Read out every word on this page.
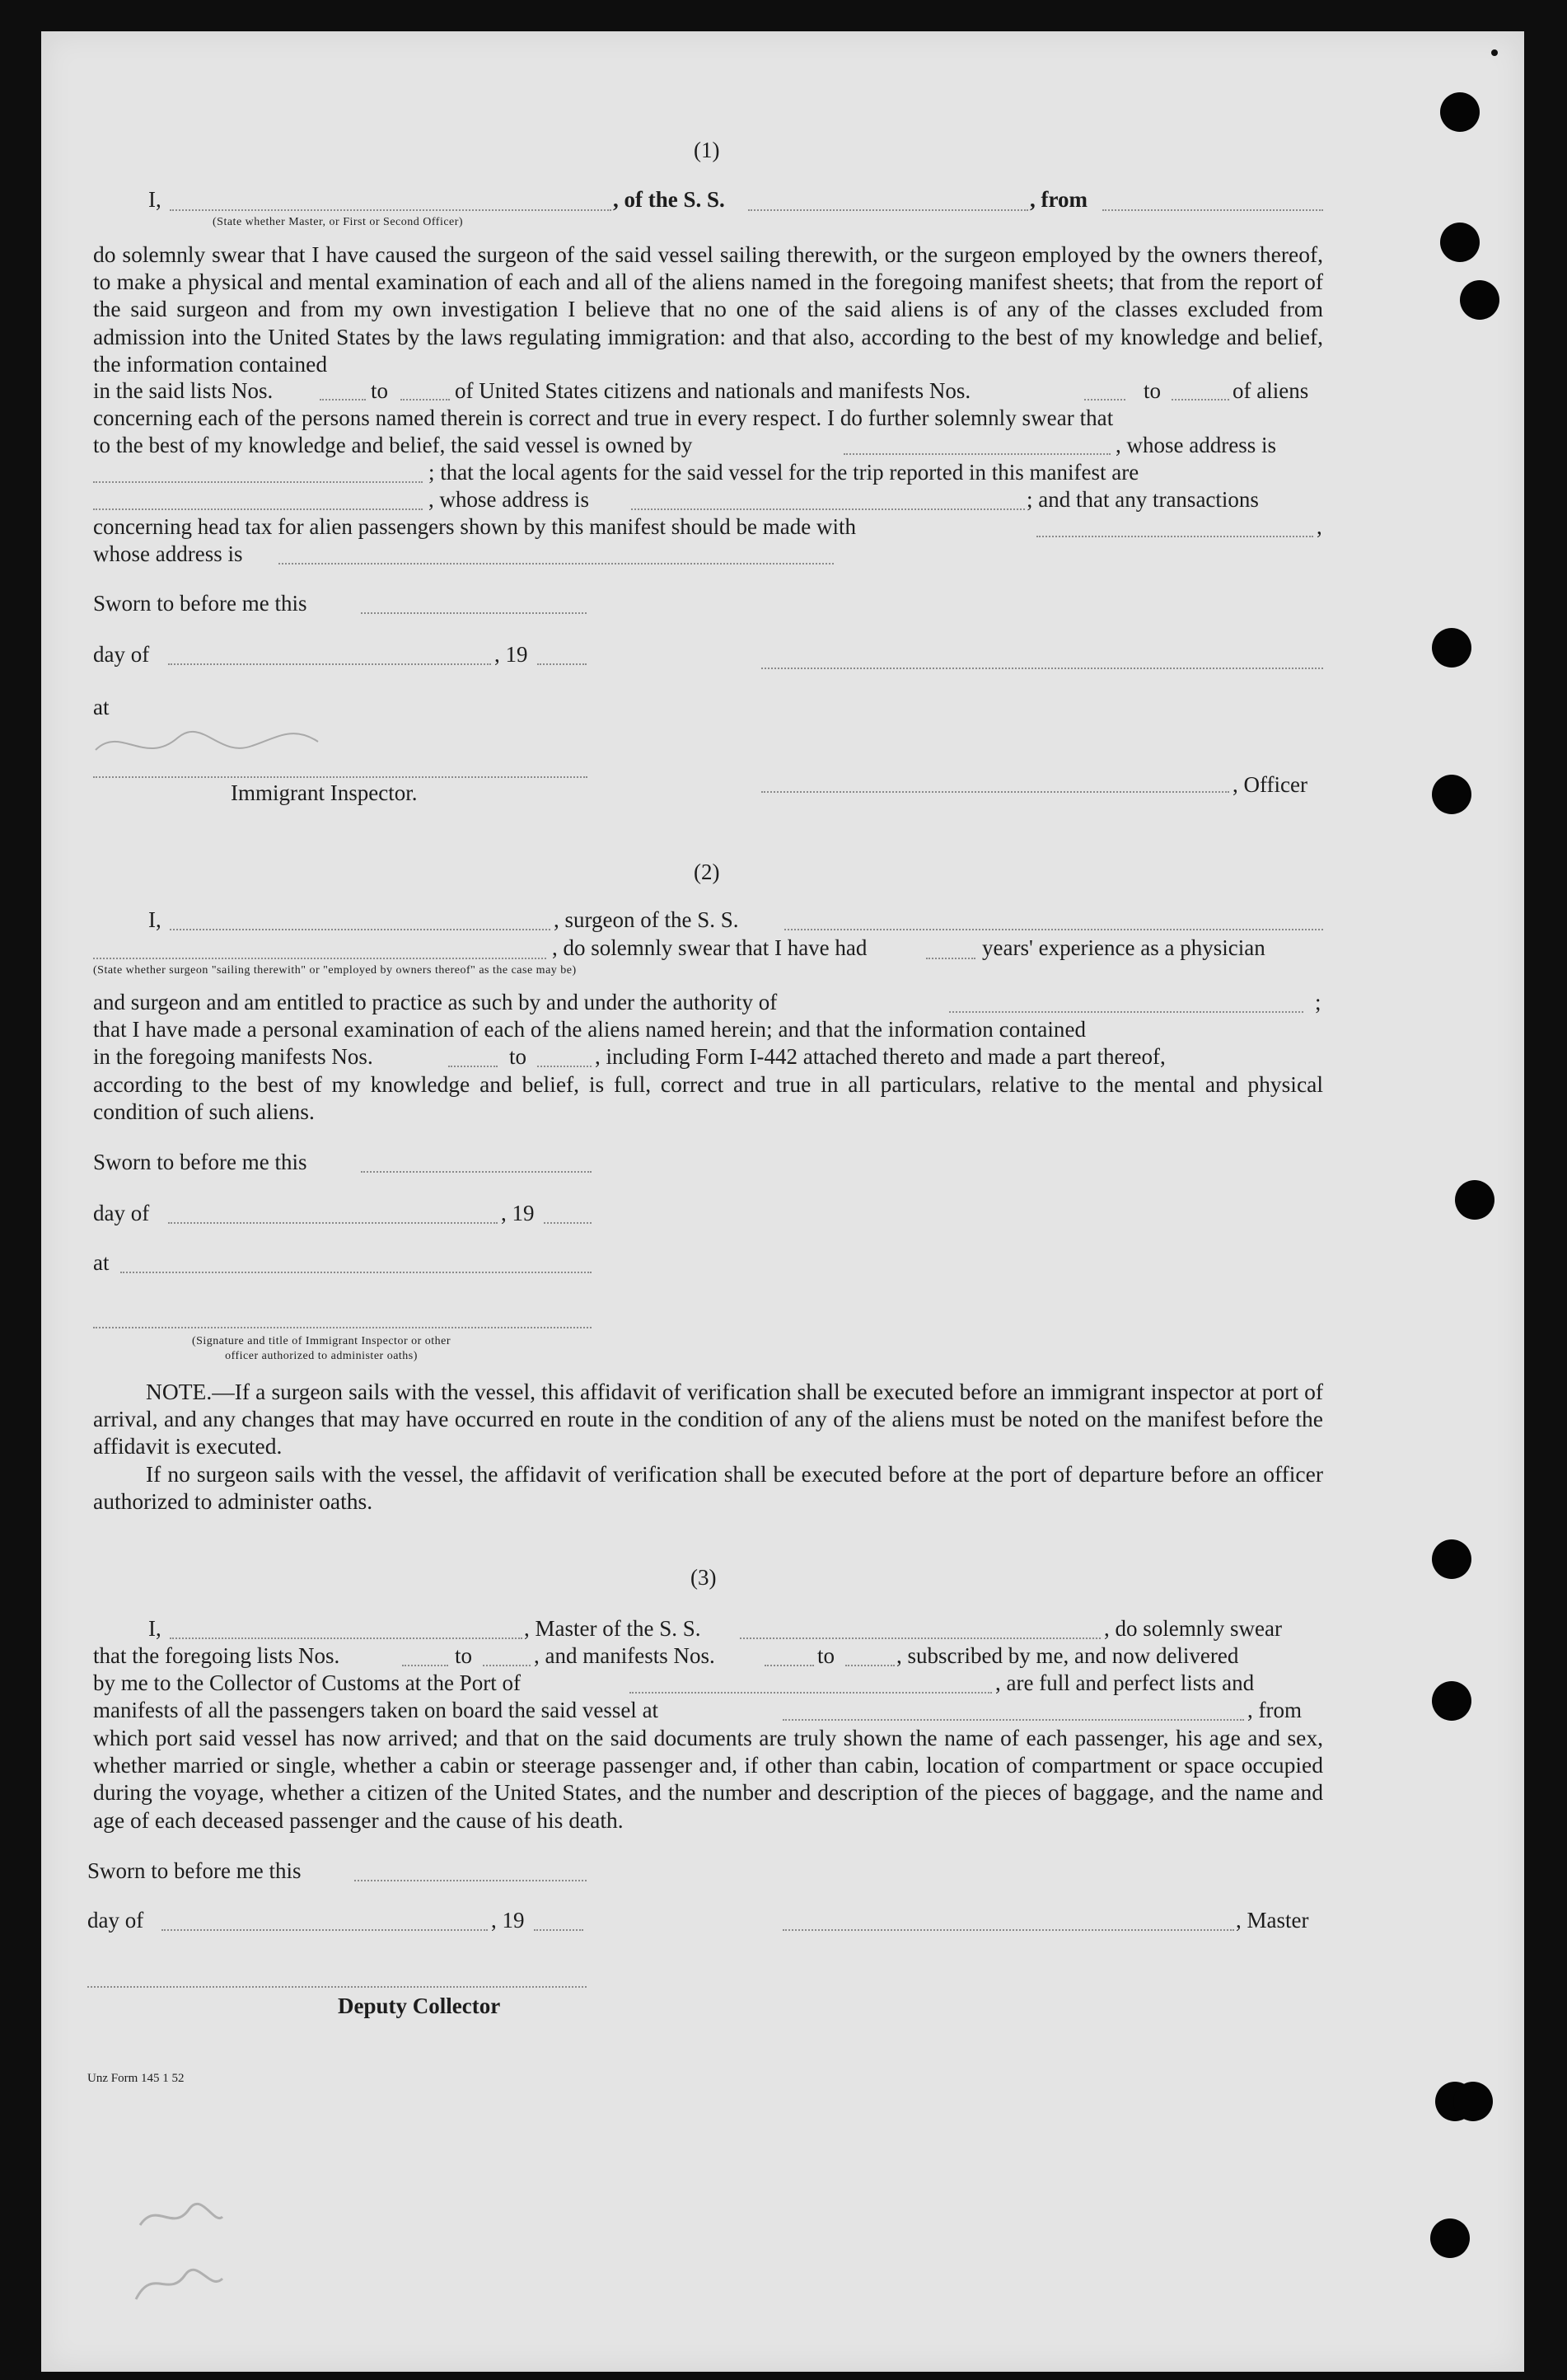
(1)
I,	, of the S. S.	, from
(State whether Master, or First or Second Officer)

do solemnly swear that I have caused the surgeon of the said vessel sailing therewith, or the surgeon employed by the owners thereof, to make a physical and mental examination of each and all of the aliens named in the foregoing manifest sheets; that from the report of the said surgeon and from my own investigation I believe that no one of the said aliens is of any of the classes excluded from admission into the United States by the laws regulating immigration: and that also, according to the best of my knowledge and belief, the information contained

in the said lists Nos.	to	of United States citizens and nationals and manifests Nos.	to	of aliens
concerning each of the persons named therein is correct and true in every respect. I do further solemnly swear that
to the best of my knowledge and belief, the said vessel is owned by	, whose address is
; that the local agents for the said vessel for the trip reported in this manifest are
, whose address is	; and that any transactions
concerning head tax for alien passengers shown by this manifest should be made with	,
whose address is
Sworn to before me this
day of	, 19
at
, Officer
Immigrant Inspector.
(2)
I,	, surgeon of the S. S.
, do solemnly swear that I have had	years' experience as a physician
(State whether surgeon "sailing therewith" or "employed by owners thereof" as the case may be)
and surgeon and am entitled to practice as such by and under the authority of	;
that I have made a personal examination of each of the aliens named herein; and that the information contained
in the foregoing manifests Nos.	to	, including Form I-442 attached thereto and made a part thereof,

according to the best of my knowledge and belief, is full, correct and true in all particulars, relative to the mental and physical condition of such aliens.

Sworn to before me this
day of	, 19
at
(Signature and title of Immigrant Inspector or other
officer authorized to administer oaths)

NOTE.—If a surgeon sails with the vessel, this affidavit of verification shall be executed before an immigrant inspector at port of arrival, and any changes that may have occurred en route in the condition of any of the aliens must be noted on the manifest before the affidavit is executed.

If no surgeon sails with the vessel, the affidavit of verification shall be executed before at the port of departure before an officer authorized to administer oaths.

(3)
I,	, Master of the S. S.	, do solemnly swear
that the foregoing lists Nos.	to	, and manifests Nos.	to	, subscribed by me, and now delivered
by me to the Collector of Customs at the Port of	, are full and perfect lists and
manifests of all the passengers taken on board the said vessel at	, from

which port said vessel has now arrived; and that on the said documents are truly shown the name of each passenger, his age and sex, whether married or single, whether a cabin or steerage passenger and, if other than cabin, location of compartment or space occupied during the voyage, whether a citizen of the United States, and the number and description of the pieces of baggage, and the name and age of each deceased passenger and the cause of his death.

Sworn to before me this
day of	, 19	, Master
Deputy Collector
Unz Form 145 1 52
